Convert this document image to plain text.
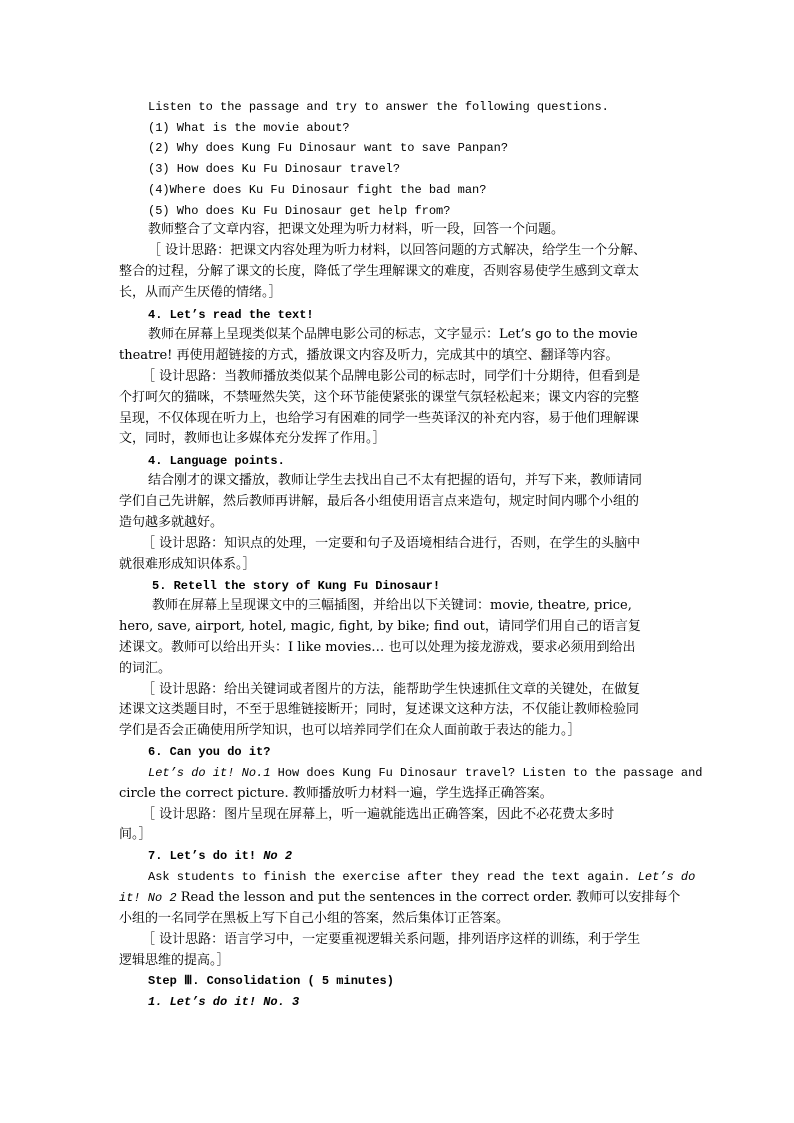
Listen to the passage and try to answer the following questions.
(1) What is the movie about?
(2) Why does Kung Fu Dinosaur want to save Panpan?
(3) How does Ku Fu Dinosaur travel?
(4)Where does Ku Fu Dinosaur fight the bad man?
(5) Who does Ku Fu Dinosaur get help from?
教师整合了文章内容，把课文处理为听力材料，听一段，回答一个问题。
［ 设计思路：把课文内容处理为听力材料，以回答问题的方式解决，给学生一个分解、
整合的过程，分解了课文的长度，降低了学生理解课文的难度，否则容易使学生感到文章太
长，从而产生厌倦的情绪。］
4. Let’s read the text!
教师在屏幕上呈现类似某个品牌电影公司的标志，文字显示：Let’s go to the movie
theatre! 再使用超链接的方式，播放课文内容及听力，完成其中的填空、翻译等内容。
［ 设计思路：当教师播放类似某个品牌电影公司的标志时，同学们十分期待，但看到是
个打呵欠的猫咪，不禁哑然失笑，这个环节能使紧张的课堂气氛轻松起来；课文内容的完整
呈现，不仅体现在听力上，也给学习有困难的同学一些英译汉的补充内容，易于他们理解课
文，同时，教师也让多媒体充分发挥了作用。］
4. Language points.
结合刚才的课文播放，教师让学生去找出自己不太有把握的语句，并写下来，教师请同
学们自己先讲解，然后教师再讲解，最后各小组使用语言点来造句，规定时间内哪个小组的
造句越多就越好。
［ 设计思路：知识点的处理，一定要和句子及语境相结合进行，否则，在学生的头脑中
就很难形成知识体系。］
5. Retell the story of Kung Fu Dinosaur!
教师在屏幕上呈现课文中的三幅插图，并给出以下关键词：movie, theatre, price,
hero, save, airport, hotel, magic, fight, by bike; find out，请同学们用自己的语言复
述课文。教师可以给出开头：I like movies… 也可以处理为接龙游戏，要求必须用到给出
的词汇。
［ 设计思路：给出关键词或者图片的方法，能帮助学生快速抓住文章的关键处，在做复
述课文这类题目时，不至于思维链接断开；同时，复述课文这种方法，不仅能让教师检验同
学们是否会正确使用所学知识，也可以培养同学们在众人面前敢于表达的能力。］
6. Can you do it?
Let’s do it! No.1 How does Kung Fu Dinosaur travel? Listen to the passage and
circle the correct picture. 教师播放听力材料一遍，学生选择正确答案。
［ 设计思路：图片呈现在屏幕上，听一遍就能选出正确答案，因此不必花费太多时
间。］
7. Let’s do it! No 2
Ask students to finish the exercise after they read the text again. Let’s do
it! No 2 Read the lesson and put the sentences in the correct order. 教师可以安排每个
小组的一名同学在黑板上写下自己小组的答案，然后集体订正答案。
［ 设计思路：语言学习中，一定要重视逻辑关系问题，排列语序这样的训练，利于学生
逻辑思维的提高。］
Step Ⅲ. Consolidation ( 5 minutes)
1. Let’s do it! No. 3
